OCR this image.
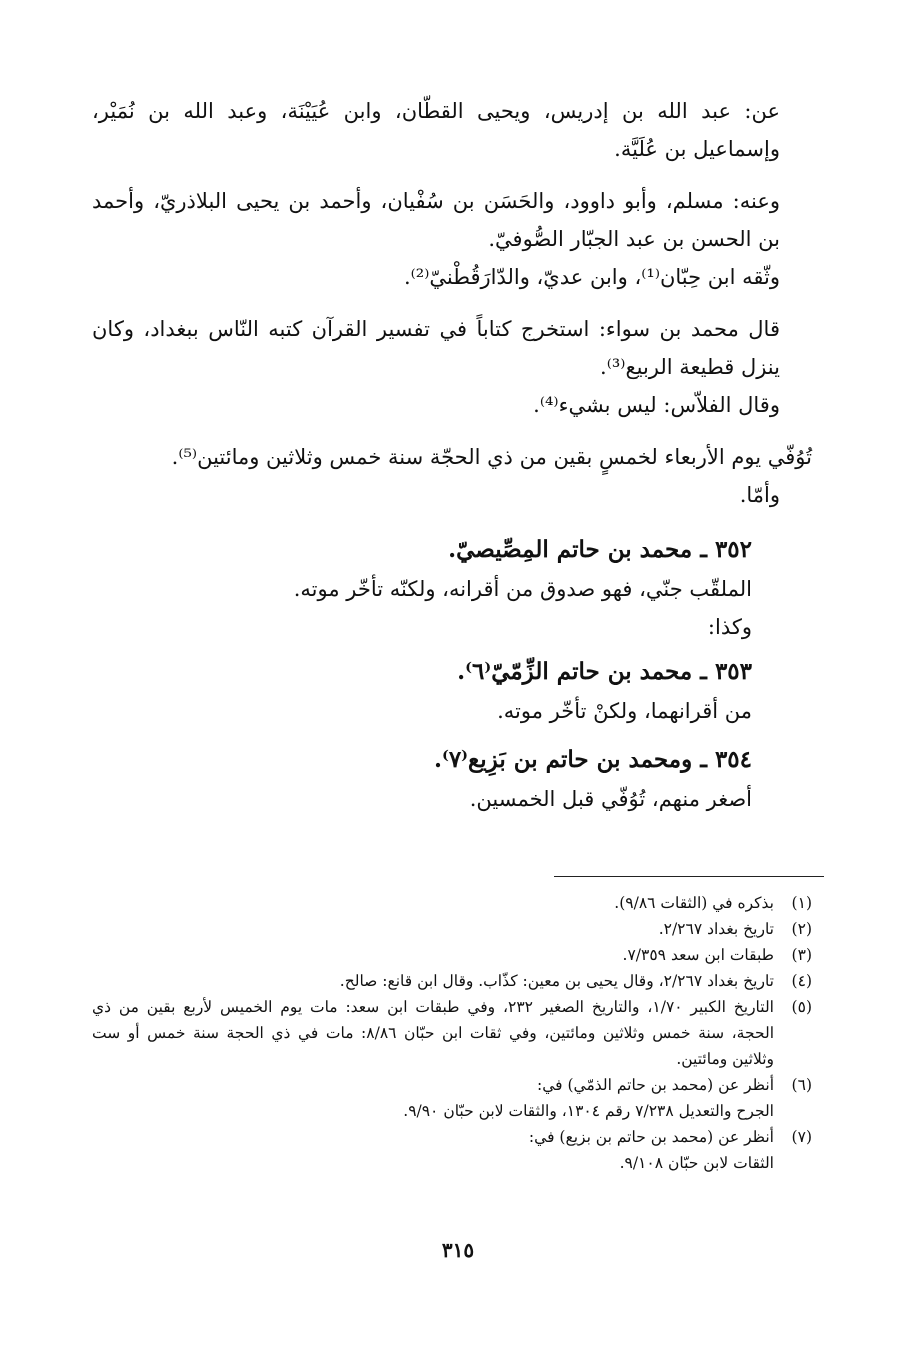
عن: عبد الله بن إدريس، ويحيى القطّان، وابن عُيَيْنَة، وعبد الله بن نُمَيْر، وإسماعيل بن عُلَيَّة.

وعنه: مسلم، وأبو داوود، والحَسَن بن سُفْيان، وأحمد بن يحيى البلاذريّ، وأحمد بن الحسن بن عبد الجبّار الصُّوفيّ.

وثّقه ابن حِبّان⁽¹⁾، وابن عديّ، والدّارَقُطْنيّ⁽²⁾.

قال محمد بن سواء: استخرج كتاباً في تفسير القرآن كتبه النّاس ببغداد، وكان ينزل قطيعة الربيع⁽³⁾.

وقال الفلاّس: ليس بشيء⁽⁴⁾.

تُوُفّي يوم الأربعاء لخمسٍ بقين من ذي الحجّة سنة خمس وثلاثين ومائتين⁽⁵⁾.

وأمّا.

٣٥٢ ـ محمد بن حاتم المِصِّيصيّ.

الملقّب جنّي، فهو صدوق من أقرانه، ولكنّه تأخّر موته.

وكذا:

٣٥٣ ـ محمد بن حاتم الزِّمّيّ⁽٦⁾.

من أقرانهما، ولكنْ تأخّر موته.

٣٥٤ ـ ومحمد بن حاتم بن بَزِيع⁽٧⁾.

أصغر منهم، تُوُفّي قبل الخمسين.

(١)
بذكره في (الثقات ٩/٨٦).
(٢)
تاريخ بغداد ٢/٢٦٧.
(٣)
طبقات ابن سعد ٧/٣٥٩.
(٤)
تاريخ بغداد ٢/٢٦٧، وقال يحيى بن معين: كذّاب. وقال ابن قانع: صالح.
(٥)
التاريخ الكبير ١/٧٠، والتاريخ الصغير ٢٣٢، وفي طبقات ابن سعد: مات يوم الخميس لأربع بقين من ذي الحجة، سنة خمس وثلاثين ومائتين، وفي ثقات ابن حبّان ٨/٨٦: مات في ذي الحجة سنة خمس أو ست وثلاثين ومائتين.
(٦)
أنظر عن (محمد بن حاتم الذمّي) في:
الجرح والتعديل ٧/٢٣٨ رقم ١٣٠٤، والثقات لابن حبّان ٩/٩٠.
(٧)
أنظر عن (محمد بن حاتم بن بزيع) في:
الثقات لابن حبّان ٩/١٠٨.
٣١٥
